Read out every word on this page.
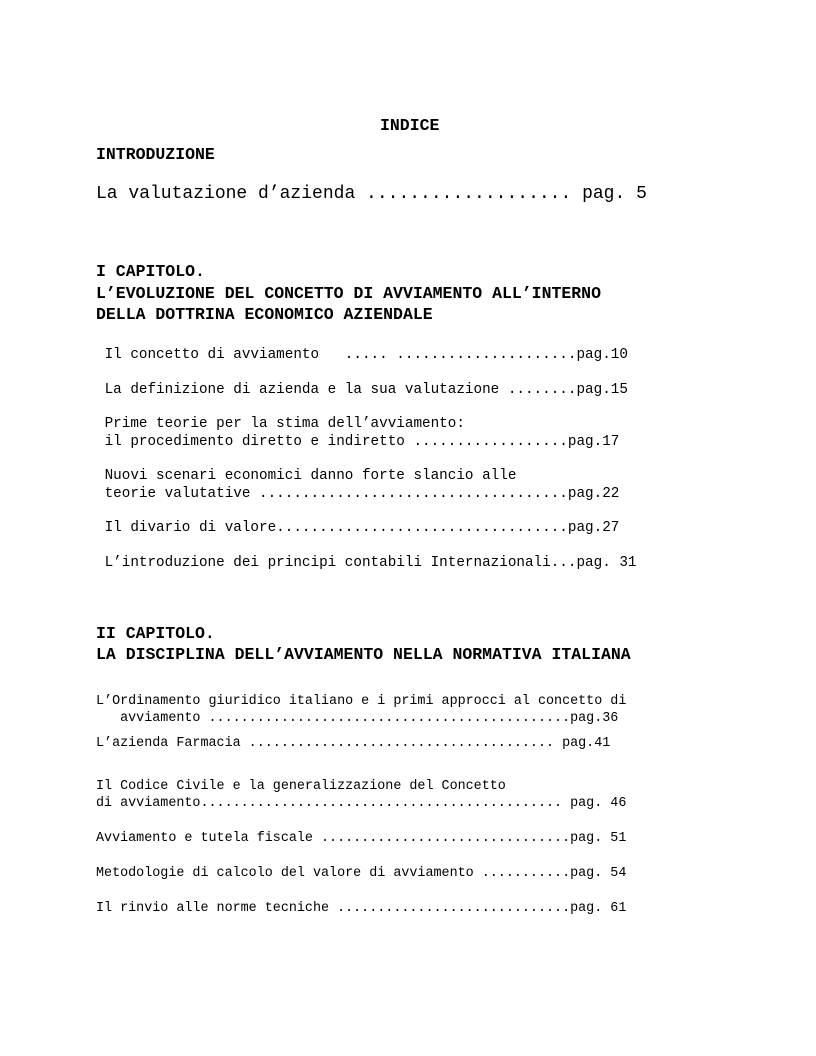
INDICE
INTRODUZIONE
La valutazione d’azienda ................... pag. 5
I CAPITOLO.
L’EVOLUZIONE DEL CONCETTO DI AVVIAMENTO ALL’INTERNO
DELLA DOTTRINA ECONOMICO AZIENDALE
Il concetto di avviamento   ..... .....................pag.10
La definizione di azienda e la sua valutazione ........pag.15
Prime teorie per la stima dell’avviamento:
il procedimento diretto e indiretto ..................pag.17
Nuovi scenari economici danno forte slancio alle
teorie valutative ....................................pag.22
Il divario di valore..................................pag.27
L’introduzione dei principi contabili Internazionali...pag. 31
II CAPITOLO.
LA DISCIPLINA DELL’AVVIAMENTO NELLA NORMATIVA ITALIANA
L’Ordinamento giuridico italiano e i primi approcci al concetto di
avviamento .............................................pag.36
L’azienda Farmacia ...................................... pag.41
Il Codice Civile e la generalizzazione del Concetto
di avviamento............................................. pag. 46
Avviamento e tutela fiscale ...............................pag. 51
Metodologie di calcolo del valore di avviamento ...........pag. 54
Il rinvio alle norme tecniche .............................pag. 61
